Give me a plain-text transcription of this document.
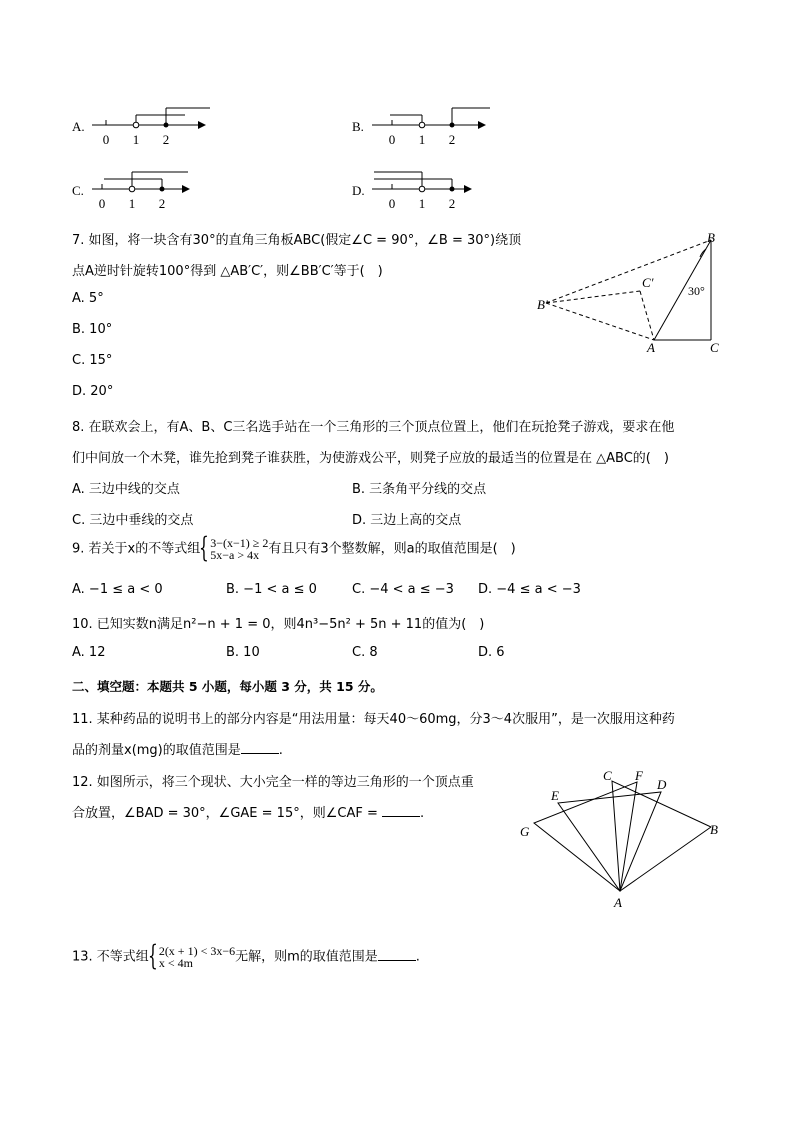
A.
0 1 2
B.
0 1 2
C.
0 1 2
D.
0 1 2
7. 如图，将一块含有30°的直角三角板ABC(假定∠C = 90°，∠B = 30°)绕顶
点A逆时针旋转100°得到 △AB′C′，则∠BB′C′等于(　)
A. 5°
B. 10°
C. 15°
D. 20°
B
C
A
B′
C′
30°
8. 在联欢会上，有A、B、C三名选手站在一个三角形的三个顶点位置上，他们在玩抢凳子游戏，要求在他
们中间放一个木凳，谁先抢到凳子谁获胜，为使游戏公平，则凳子应放的最适当的位置是在 △ABC的(　)
A. 三边中线的交点	B. 三条角平分线的交点
C. 三边中垂线的交点	D. 三边上高的交点
9. 若关于x的不等式组 { 3−(x−1) ≥ 2
5x−a > 4x 有且只有3个整数解，则a的取值范围是(　)
A. −1 ≤ a < 0	B. −1 < a ≤ 0	C. −4 < a ≤ −3 D. −4 ≤ a < −3
10. 已知实数n满足n²−n + 1 = 0，则4n³−5n² + 5n + 11的值为(　)
A. 12	B. 10	C. 8	D. 6
二、填空题：本题共 5 小题，每小题 3 分，共 15 分。
11. 某种药品的说明书上的部分内容是“用法用量：每天40～60mg，分3～4次服用”，是一次服用这种药
品的剂量x(mg)的取值范围是	.
12. 如图所示，将三个现状、大小完全一样的等边三角形的一个顶点重
合放置，∠BAD = 30°，∠GAE = 15°，则∠CAF =	.
G
E
C F
D
B
A
13. 不等式组 { 2(x + 1) < 3x−6
x < 4m	无解，则m的取值范围是	.
